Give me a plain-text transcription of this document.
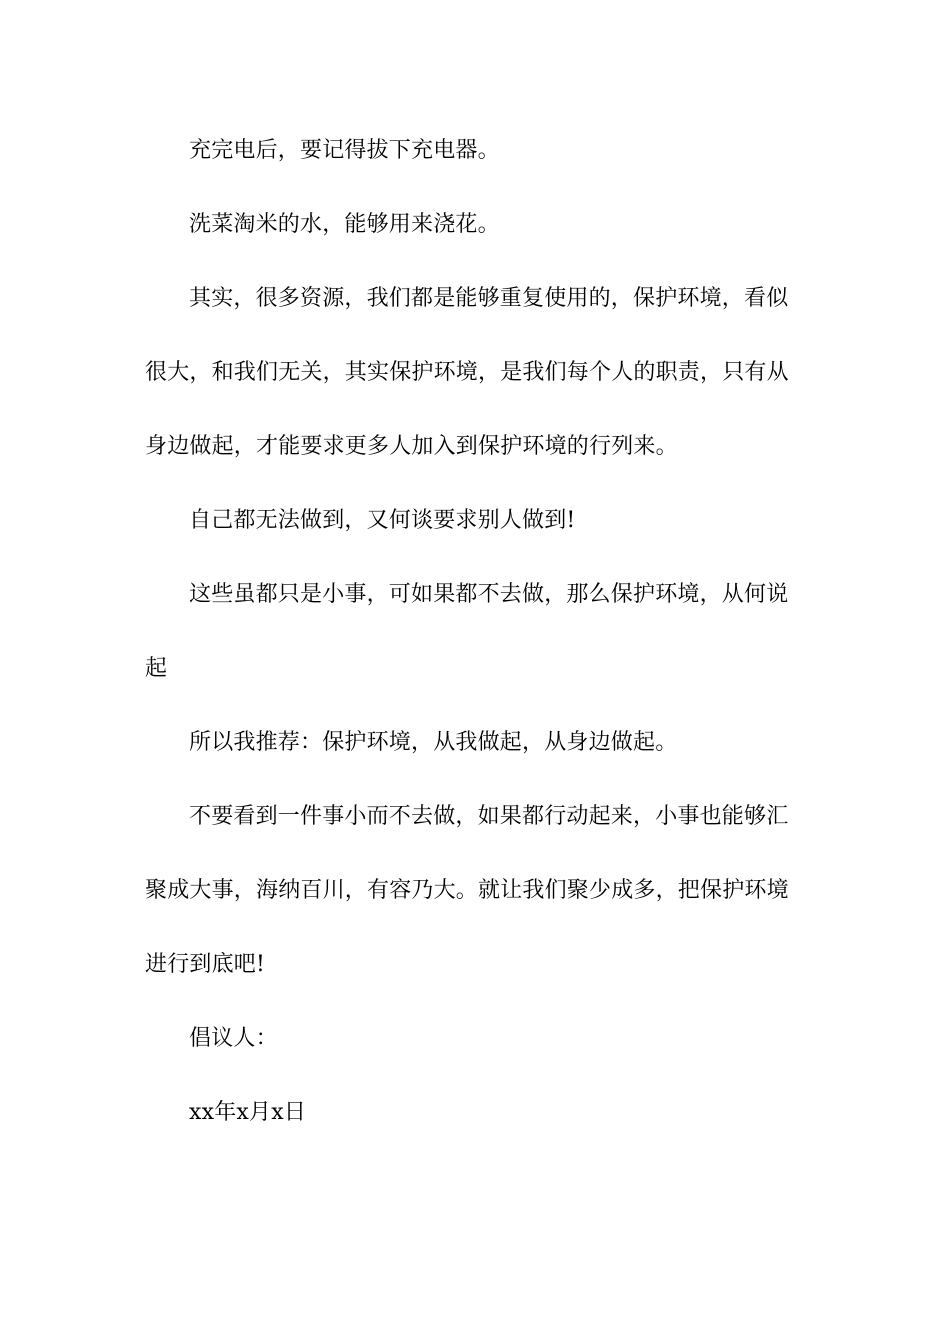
充完电后，要记得拔下充电器。
洗菜淘米的水，能够用来浇花。
其实，很多资源，我们都是能够重复使用的，保护环境，看似
很大，和我们无关，其实保护环境，是我们每个人的职责，只有从
身边做起，才能要求更多人加入到保护环境的行列来。
自己都无法做到，又何谈要求别人做到!
这些虽都只是小事，可如果都不去做，那么保护环境，从何说
起
所以我推荐：保护环境，从我做起，从身边做起。
不要看到一件事小而不去做，如果都行动起来，小事也能够汇
聚成大事，海纳百川，有容乃大。就让我们聚少成多，把保护环境
进行到底吧!
倡议人：
xx年x月x日
